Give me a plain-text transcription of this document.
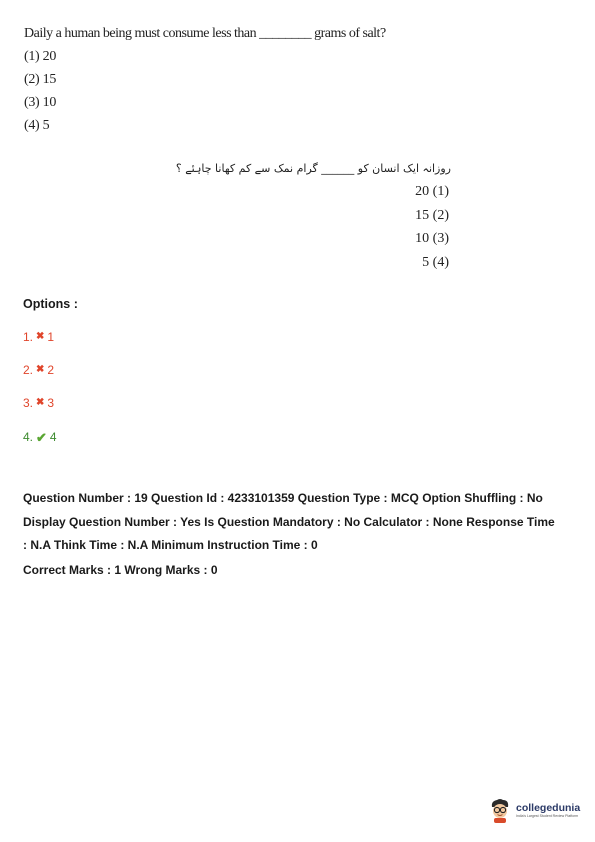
Daily a human being must consume less than ________ grams of salt?
(1) 20
(2) 15
(3) 10
(4) 5
روزانہ ایک انسان کو ______ گرام نمک سے کم کھانا چاہئے ؟
20 (1)
15 (2)
10 (3)
5 (4)
Options :
1. ✖ 1
2. ✖ 2
3. ✖ 3
4. ✔ 4
Question Number : 19 Question Id : 4233101359 Question Type : MCQ Option Shuffling : No
Display Question Number : Yes Is Question Mandatory : No Calculator : None Response Time
: N.A Think Time : N.A Minimum Instruction Time : 0
Correct Marks : 1 Wrong Marks : 0
collegedunia
India's Largest Student Review Platform
